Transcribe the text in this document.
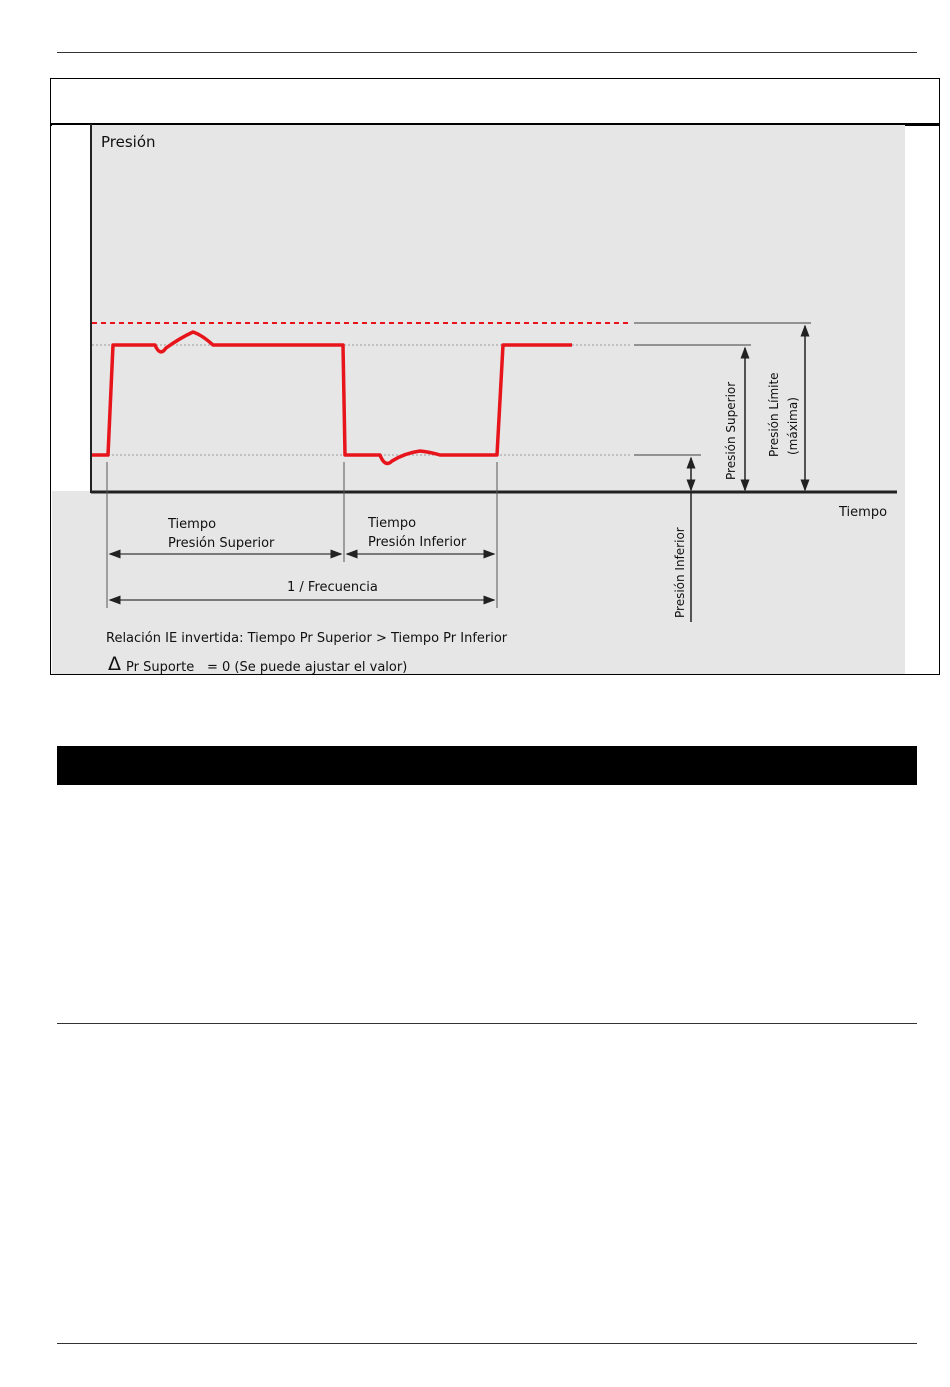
Presión
Tiempo
Presión Superior Presión Límite (máxima)
Presión Inferior
Tiempo
Presión Superior
Tiempo
Presión Inferior
1 / Frecuencia
Relación IE invertida: Tiempo Pr Superior > Tiempo Pr Inferior
Δ Pr Suporte = 0 (Se puede ajustar el valor)
